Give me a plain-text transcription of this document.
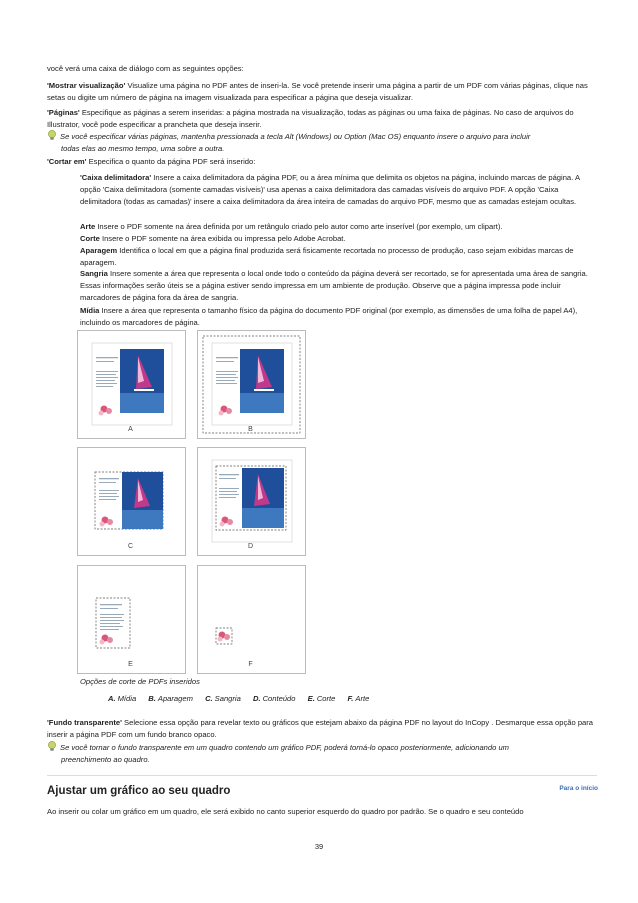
você verá uma caixa de diálogo com as seguintes opções:
'Mostrar visualização' Visualize uma página no PDF antes de inseri-la. Se você pretende inserir uma página a partir de um PDF com várias páginas, clique nas setas ou digite um número de página na imagem visualizada para especificar a página que deseja visualizar.
'Páginas' Especifique as páginas a serem inseridas: a página mostrada na visualização, todas as páginas ou uma faixa de páginas. No caso de arquivos do Illustrator, você pode especificar a prancheta que deseja inserir.
Se você especificar várias páginas, mantenha pressionada a tecla Alt (Windows) ou Option (Mac OS) enquanto insere o arquivo para incluir
todas elas ao mesmo tempo, uma sobre a outra.
'Cortar em' Especifica o quanto da página PDF será inserido:
'Caixa delimitadora' Insere a caixa delimitadora da página PDF, ou a área mínima que delimita os objetos na página, incluindo marcas de página. A opção 'Caixa delimitadora (somente camadas visíveis)' usa apenas a caixa delimitadora das camadas visíveis do arquivo PDF. A opção 'Caixa delimitadora (todas as camadas)' insere a caixa delimitadora da área inteira de camadas do arquivo PDF, mesmo que as camadas estejam ocultas.
Arte Insere o PDF somente na área definida por um retângulo criado pelo autor como arte inserível (por exemplo, um clipart).
Corte Insere o PDF somente na área exibida ou impressa pelo Adobe Acrobat.
Aparagem Identifica o local em que a página final produzida será fisicamente recortada no processo de produção, caso sejam exibidas marcas de aparagem.
Sangria Insere somente a área que representa o local onde todo o conteúdo da página deverá ser recortado, se for apresentada uma área de sangria. Essas informações serão úteis se a página estiver sendo impressa em um ambiente de produção. Observe que a página impressa pode incluir marcadores de página fora da área de sangria.
Mídia Insere a área que representa o tamanho físico da página do documento PDF original (por exemplo, as dimensões de uma folha de papel A4), incluindo os marcadores de página.
A	B
C	D
E	F
Opções de corte de PDFs inseridos
A. Mídia B. Aparagem C. Sangria D. Conteúdo E. Corte F. Arte
'Fundo transparente' Selecione essa opção para revelar texto ou gráficos que estejam abaixo da página PDF no layout do InCopy . Desmarque essa opção para inserir a página PDF com um fundo branco opaco.
Se você tornar o fundo transparente em um quadro contendo um gráfico PDF, poderá torná-lo opaco posteriormente, adicionando um
preenchimento ao quadro.
Ajustar um gráfico ao seu quadro	Para o início
Ao inserir ou colar um gráfico em um quadro, ele será exibido no canto superior esquerdo do quadro por padrão. Se o quadro e seu conteúdo
39
